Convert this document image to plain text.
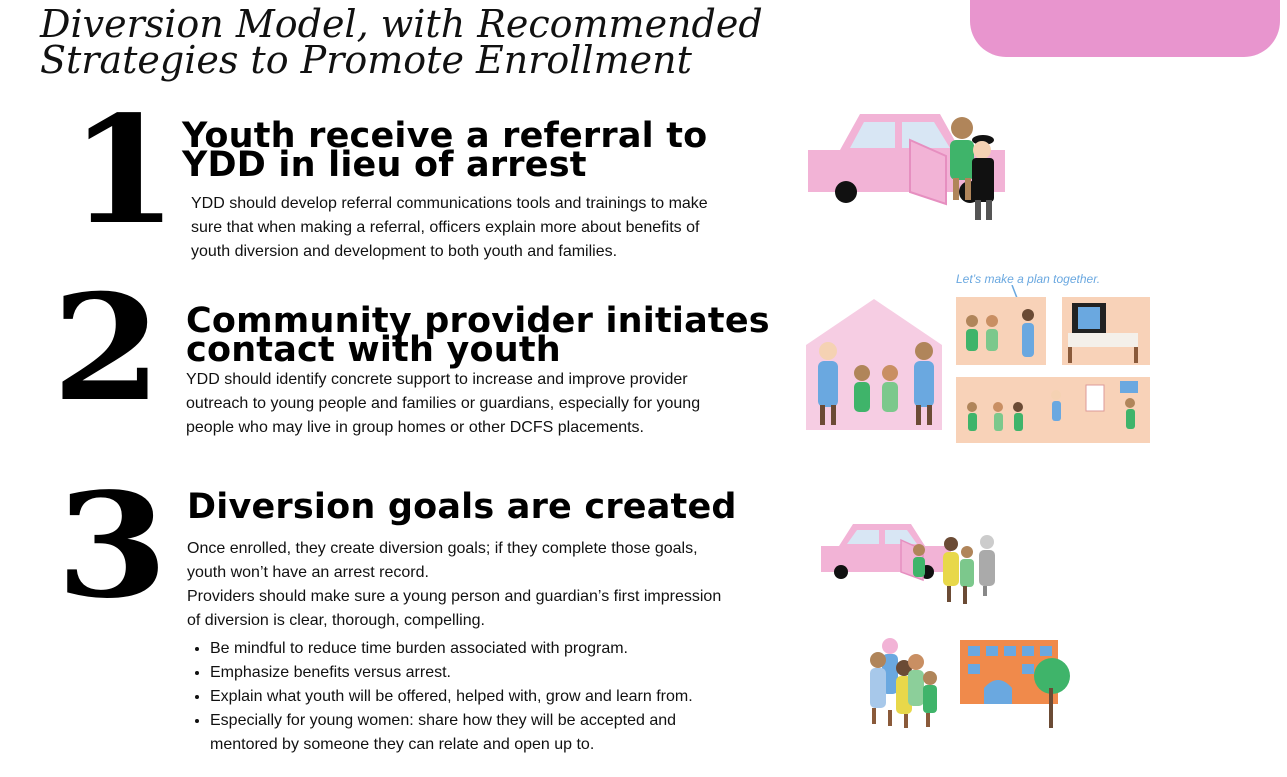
Diversion Model, with Recommended
Strategies to Promote Enrollment
1 Youth receive a referral to
YDD in lieu of arrest

YDD should develop referral communications tools and trainings to make sure that when making a referral, officers explain more about benefits of youth diversion and development to both youth and families.

2 Community provider initiates
contact with youth

YDD should identify concrete support to increase and improve provider outreach to young people and families or guardians, especially for young people who may live in group homes or other DCFS placements.

3 Diversion goals are created

Once enrolled, they create diversion goals; if they complete those goals, youth won’t have an arrest record.

Providers should make sure a young person and guardian’s first impression of diversion is clear, thorough, compelling.

• Be mindful to reduce time burden associated with program.
• Emphasize benefits versus arrest.
• Explain what youth will be offered, helped with, grow and learn from.
• Especially for young women: share how they will be accepted and mentored by someone they can relate and open up to.
Let’s make a plan together.
